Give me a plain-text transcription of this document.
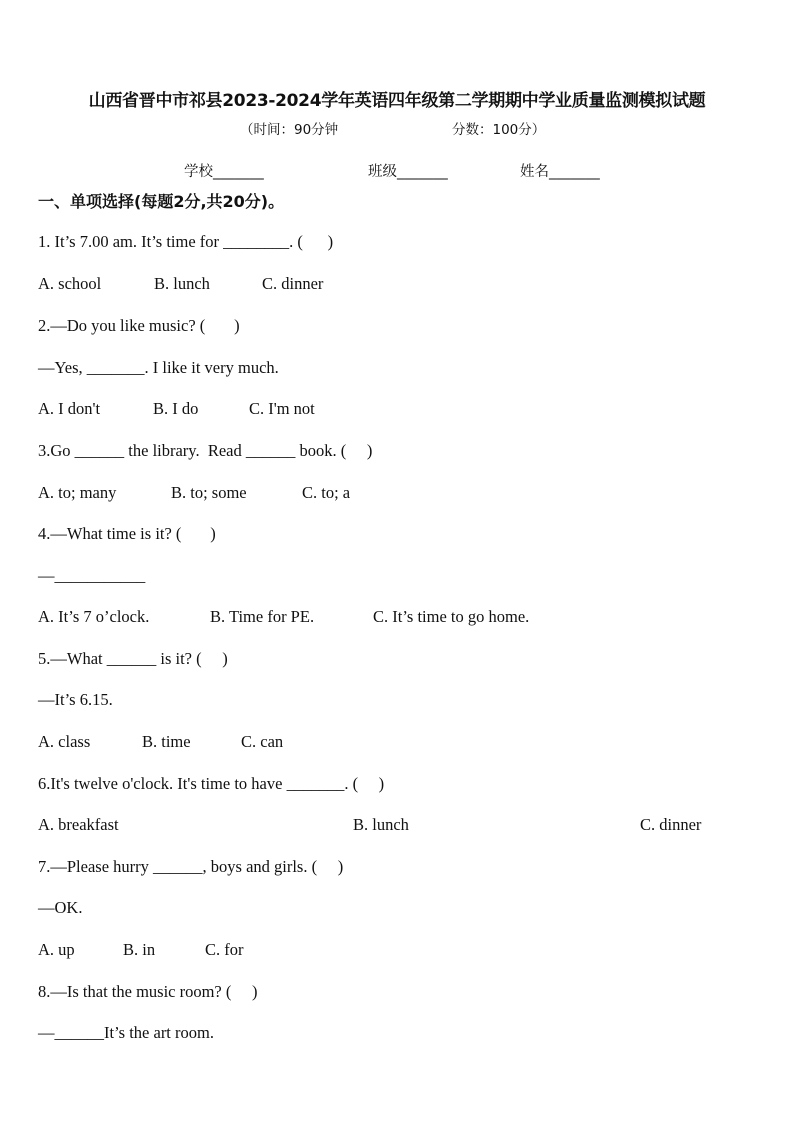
山西省晋中市祁县2023-2024学年英语四年级第二学期期中学业质量监测模拟试题
（时间：90分钟	分数：100分）
学校_______	班级_______	姓名_______
一、单项选择(每题2分,共20分)。
1. It’s 7.00 am. It’s time for ________. (      )
A. school	B. lunch	C. dinner
2.—Do you like music? (       )
—Yes, _______. I like it very much.
A. I don't	B. I do	C. I'm not
3.Go ______ the library.  Read ______ book. (     )
A. to; many	B. to; some	C. to; a
4.—What time is it? (       )
—___________
A. It’s 7 o’clock.	B. Time for PE.	C. It’s time to go home.
5.—What ______ is it? (     )
—It’s 6.15.
A. class	B. time	C. can
6.It's twelve o'clock. It's time to have _______. (     )
A. breakfast	B. lunch	C. dinner
7.—Please hurry ______, boys and girls. (     )
—OK.
A. up	B. in	C. for
8.—Is that the music room? (     )
—______It’s the art room.
